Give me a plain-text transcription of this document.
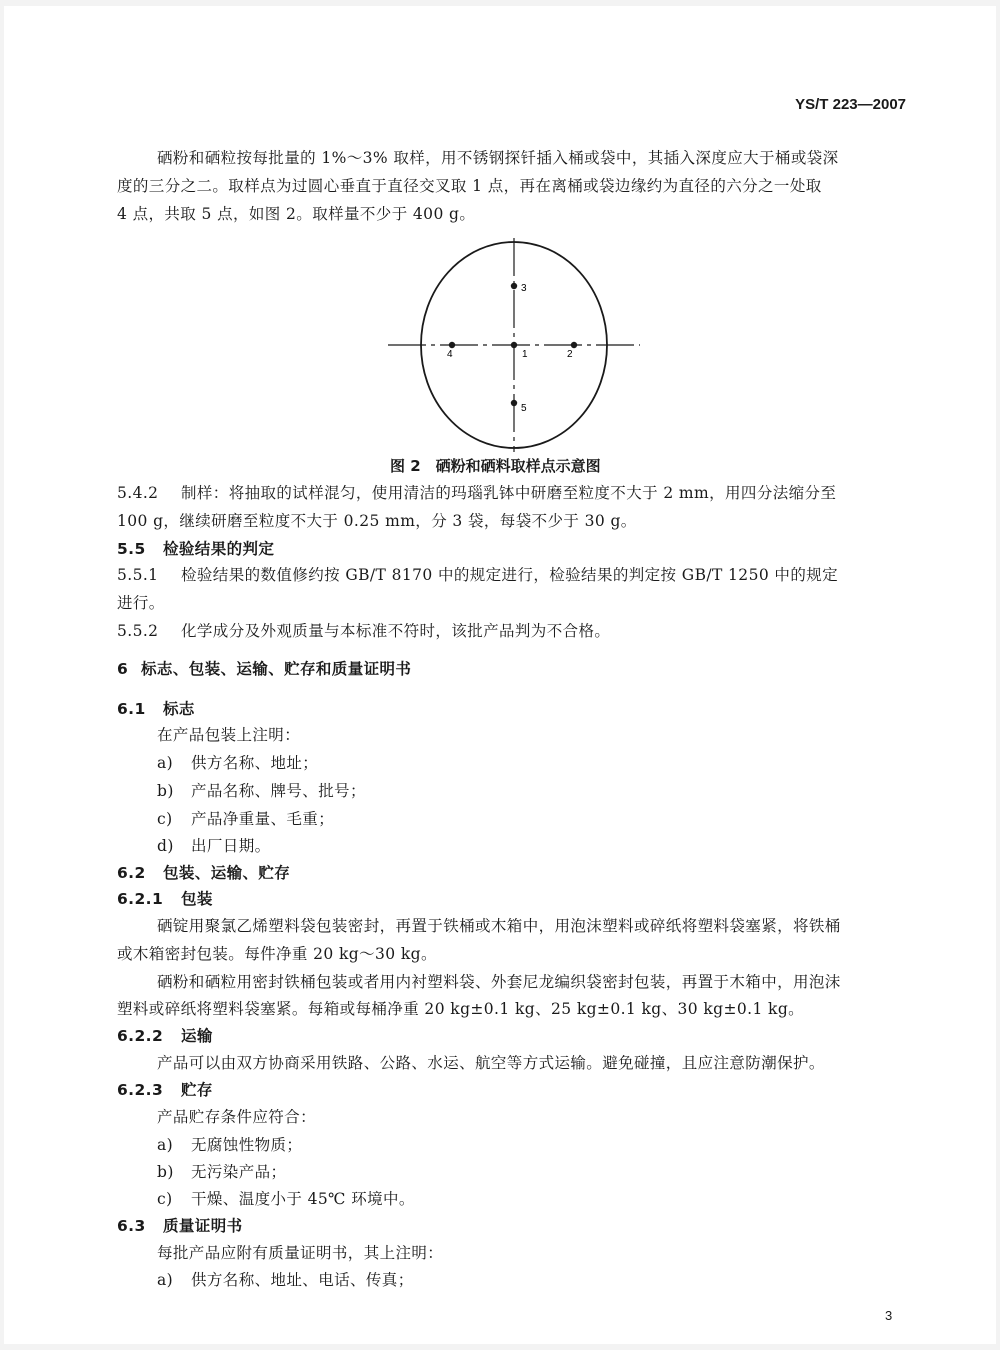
YS/T 223—2007
硒粉和硒粒按每批量的 1%～3% 取样，用不锈钢探钎插入桶或袋中，其插入深度应大于桶或袋深
度的三分之二。取样点为过圆心垂直于直径交叉取 1 点，再在离桶或袋边缘约为直径的六分之一处取
4 点，共取 5 点，如图 2。取样量不少于 400 g。
1	2
3
4
5
图 2　硒粉和硒料取样点示意图
5.4.2 制样：将抽取的试样混匀，使用清洁的玛瑙乳钵中研磨至粒度不大于 2 mm，用四分法缩分至
100 g，继续研磨至粒度不大于 0.25 mm，分 3 袋，每袋不少于 30 g。
5.5 检验结果的判定
5.5.1 检验结果的数值修约按 GB/T 8170 中的规定进行，检验结果的判定按 GB/T 1250 中的规定
进行。
5.5.2 化学成分及外观质量与本标准不符时，该批产品判为不合格。
6 标志、包装、运输、贮存和质量证明书
6.1 标志
在产品包装上注明：
a) 供方名称、地址；
b) 产品名称、牌号、批号；
c) 产品净重量、毛重；
d) 出厂日期。
6.2 包装、运输、贮存
6.2.1 包装
硒锭用聚氯乙烯塑料袋包装密封，再置于铁桶或木箱中，用泡沫塑料或碎纸将塑料袋塞紧，将铁桶
或木箱密封包装。每件净重 20 kg～30 kg。
硒粉和硒粒用密封铁桶包装或者用内衬塑料袋、外套尼龙编织袋密封包装，再置于木箱中，用泡沫
塑料或碎纸将塑料袋塞紧。每箱或每桶净重 20 kg±0.1 kg、25 kg±0.1 kg、30 kg±0.1 kg。
6.2.2 运输
产品可以由双方协商采用铁路、公路、水运、航空等方式运输。避免碰撞，且应注意防潮保护。
6.2.3 贮存
产品贮存条件应符合：
a) 无腐蚀性物质；
b) 无污染产品；
c) 干燥、温度小于 45℃ 环境中。
6.3 质量证明书
每批产品应附有质量证明书，其上注明：
a) 供方名称、地址、电话、传真；
3
